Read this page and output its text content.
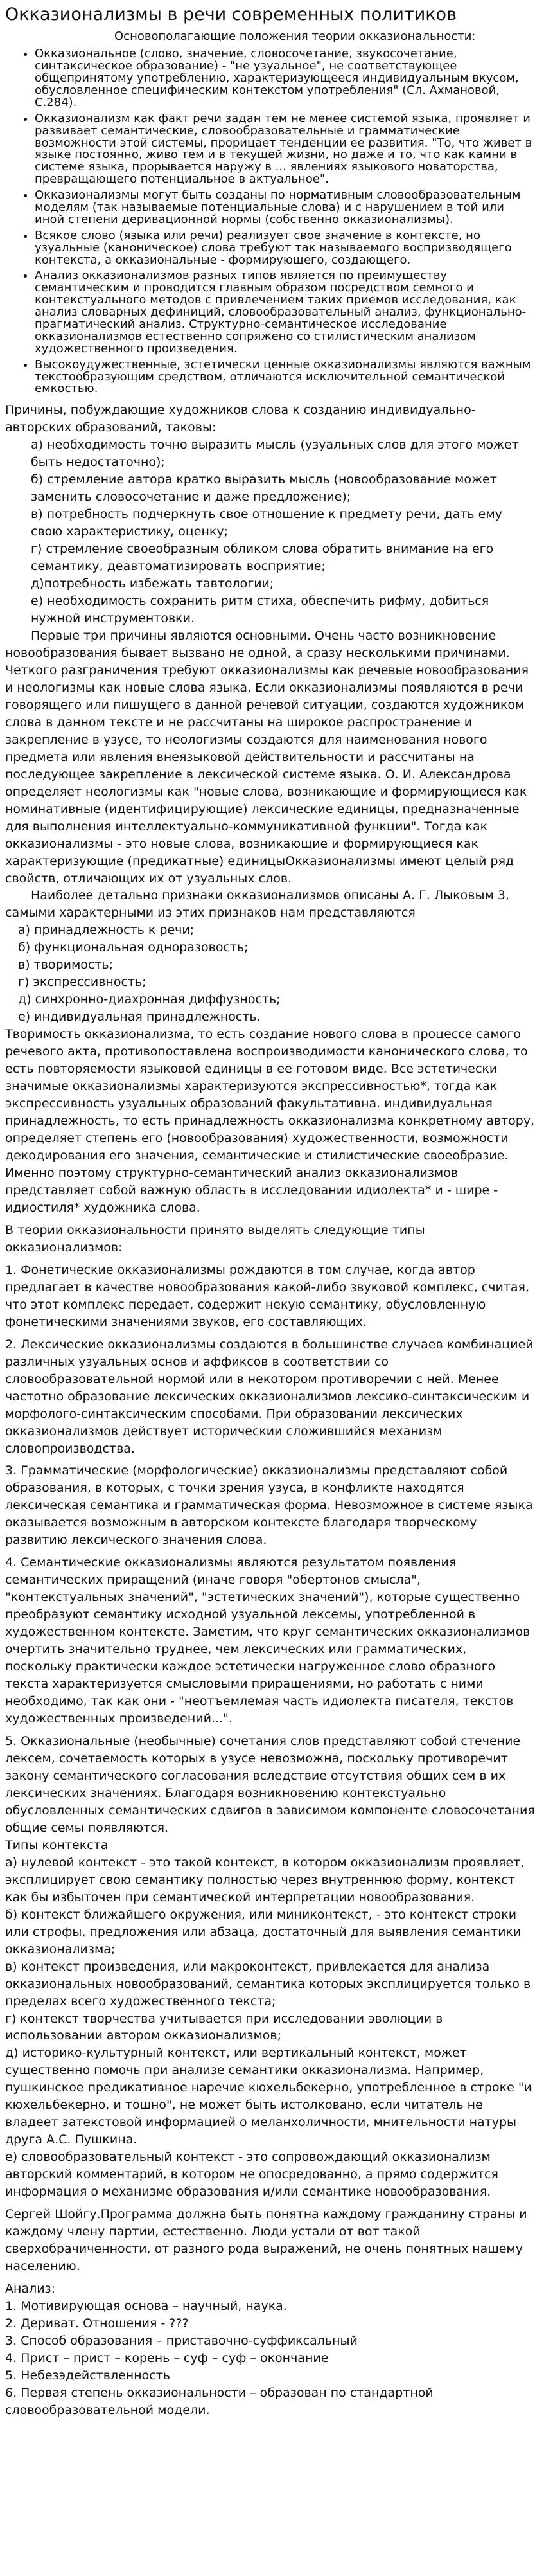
Окказионализмы в речи современных политиков

Основополагающие положения теории окказиональности:

• Окказиональное (слово, значение, словосочетание, звукосочетание, синтаксическое образование) - "не узуальное", не соответствующее общепринятому употреблению, характеризующееся индивидуальным вкусом, обусловленное специфическим контекстом употребления" (Сл. Ахмановой, С.284).
• Окказионализм как факт речи задан тем не менее системой языка, проявляет и развивает семантические, словообразовательные и грамматические возможности этой системы, прорицает тенденции ее развития. "То, что живет в языке постоянно, живо тем и в текущей жизни, но даже и то, что как камни в системе языка, прорывается наружу в ... явлениях языкового новаторства, превращающего потенциальное в актуальное".
• Окказионализмы могут быть созданы по нормативным словообразовательным моделям (так называемые потенциальные слова) и с нарушением в той или иной степени деривационной нормы (собственно окказионализмы).
• Всякое слово (языка или речи) реализует свое значение в контексте, но узуальные (каноническое) слова требуют так называемого воспризводящего контекста, а окказиональные - формирующего, создающего.
• Анализ окказионализмов разных типов является по преимуществу семантическим и проводится главным образом посредством семного и контекстуального методов с привлечением таких приемов исследования, как анализ словарных дефиниций, словообразовательный анализ, функционально-прагматический анализ. Структурно-семантическое исследование окказионализмов естественно сопряжено со стилистическим анализом художественного произведения.
• Высокоудужественные, эстетически ценные окказионализмы являются важным текстообразующим средством, отличаются исключительной семантической емкостью.

Причины, побуждающие художников слова к созданию индивидуально-авторских образований, таковы:

а) необходимость точно выразить мысль (узуальных слов для этого может быть недостаточно);

б) стремление автора кратко выразить мысль (новообразование может заменить словосочетание и даже предложение);

в) потребность подчеркнуть свое отношение к предмету речи, дать ему свою характеристику, оценку;

г) стремление своеобразным обликом слова обратить внимание на его семантику, деавтоматизировать восприятие;

д)потребность избежать тавтологии;

е) необходимость сохранить ритм стиха, обеспечить рифму, добиться нужной инструментовки.

Первые три причины являются основными. Очень часто возникновение новообразования бывает вызвано не одной, а сразу несколькими причинами. Четкого разграничения требуют окказионализмы как речевые новообразования и неологизмы как новые слова языка. Если окказионализмы появляются в речи говорящего или пишущего в данной речевой ситуации, создаются художником слова в данном тексте и не рассчитаны на широкое распространение и закрепление в узусе, то неологизмы создаются для наименования нового предмета или явления внеязыковой действительности и рассчитаны на последующее закрепление в лексической системе языка. О. И. Александрова определяет неологизмы как "новые слова, возникающие и формирующиеся как номинативные (идентифицирующие) лексические единицы, предназначенные для выполнения интеллектуально-коммуникативной функции". Тогда как окказионализмы - это новые слова, возникающие и формирующиеся как характеризующие (предикатные) единицыОкказионализмы имеют целый ряд свойств, отличающих их от узуальных слов.

Наиболее детально признаки окказионализмов описаны А. Г. Лыковым 3, самыми характерными из этих признаков нам представляются

а) принадлежность к речи;

б) функциональная одноразовость;

в) творимость;

г) экспрессивность;

д) синхронно-диахронная диффузность;

е) индивидуальная принадлежность.

Творимость окказионализма, то есть создание нового слова в процессе самого речевого акта, противопоставлена воспроизводимости канонического слова, то есть повторяемости языковой единицы в ее готовом виде. Все эстетически значимые окказионализмы характеризуются экспрессивностью*, тогда как экспрессивность узуальных образований факультативна. индивидуальная принадлежность, то есть принадлежность окказионализма конкретному автору, определяет степень его (новообразования) художественности, возможности декодирования его значения, семантические и стилистические своеобразие. Именно поэтому структурно-семантический анализ окказионализмов представляет собой важную область в исследовании идиолекта* и - шире - идиостиля* художника слова.

В теории окказиональности принято выделять следующие типы окказионализмов:

1. Фонетические окказионализмы рождаются в том случае, когда автор предлагает в качестве новообразования какой-либо звуковой комплекс, считая, что этот комплекс передает, содержит некую семантику, обусловленную фонетическими значениями звуков, его составляющих.

2. Лексические окказионализмы создаются в большинстве случаев комбинацией различных узуальных основ и аффиксов в соответствии со словообразовательной нормой или в некотором противоречии с ней. Менее частотно образование лексических окказионализмов лексико-синтаксическим и морфолого-синтаксическим способами. При образовании лексических окказионализмов действует историческии сложившийся механизм словопроизводства.

3. Грамматические (морфологические) окказионализмы представляют собой образования, в которых, с точки зрения узуса, в конфликте находятся лексическая семантика и грамматическая форма. Невозможное в системе языка оказывается возможным в авторском контексте благодаря творческому развитию лексического значения слова.

4. Семантические окказионализмы являются результатом появления семантических приращений (иначе говоря "обертонов смысла", "контекстуальных значений", "эстетических значений"), которые существенно преобразуют семантику исходной узуальной лексемы, употребленной в художественном контексте. Заметим, что круг семантических окказионализмов очертить значительно труднее, чем лексических или грамматических, поскольку практически каждое эстетически нагруженное слово образного текста характеризуется смысловыми приращениями, но работать с ними необходимо, так как они - "неотъемлемая часть идиолекта писателя, текстов художественных произведений...".

5. Окказиональные (необычные) сочетания слов представляют собой стечение лексем, сочетаемость которых в узусе невозможна, поскольку противоречит закону семантического согласования вследствие отсутствия общих сем в их лексических значениях. Благодаря возникновению контекстуально обусловленных семантических сдвигов в зависимом компоненте словосочетания общие семы появляются.

Типы контекста

а) нулевой контекст - это такой контекст, в котором окказионализм проявляет, эксплицирует свою семантику полностью через внутреннюю форму, контекст как бы избыточен при семантической интерпретации новообразования.

б) контекст ближайшего окружения, или миниконтекст, - это контекст строки или строфы, предложения или абзаца, достаточный для выявления семантики окказионализма;

в) контекст произведения, или макроконтекст, привлекается для анализа окказиональных новообразований, семантика которых эксплицируется только в пределах всего художественного текста;

г) контекст творчества учитывается при исследовании эволюции в использовании автором окказионализмов;

д) историко-культурный контекст, или вертикальный контекст, может существенно помочь при анализе семантики окказионализма. Например, пушкинское предикативное наречие кюхельбекерно, употребленное в строке "и кюхельбекерно, и тошно", не может быть истолковано, если читатель не владеет затекстовой информацией о меланхоличности, мнительности натуры друга А.С. Пушкина.

е) словообразовательный контекст - это сопровождающий окказионализм авторский комментарий, в котором не опосредованно, а прямо содержится информация о механизме образования и/или семантике новообразования.

Сергей Шойгу.Программа должна быть понятна каждому гражданину страны и каждому члену партии, естественно. Люди устали от вот такой сверхобрачиченности, от разного рода выражений, не очень понятных нашему населению.

Анализ:

1. Мотивирующая основа – научный, наука.
2. Дериват. Отношения - ???
3. Способ образования – приставочно-суффиксальный
4. Прист – прист – корень – суф – суф – окончание
5. Небезэдействленность
6. Первая степень окказиональности – образован по стандартной словообразовательной модели.
